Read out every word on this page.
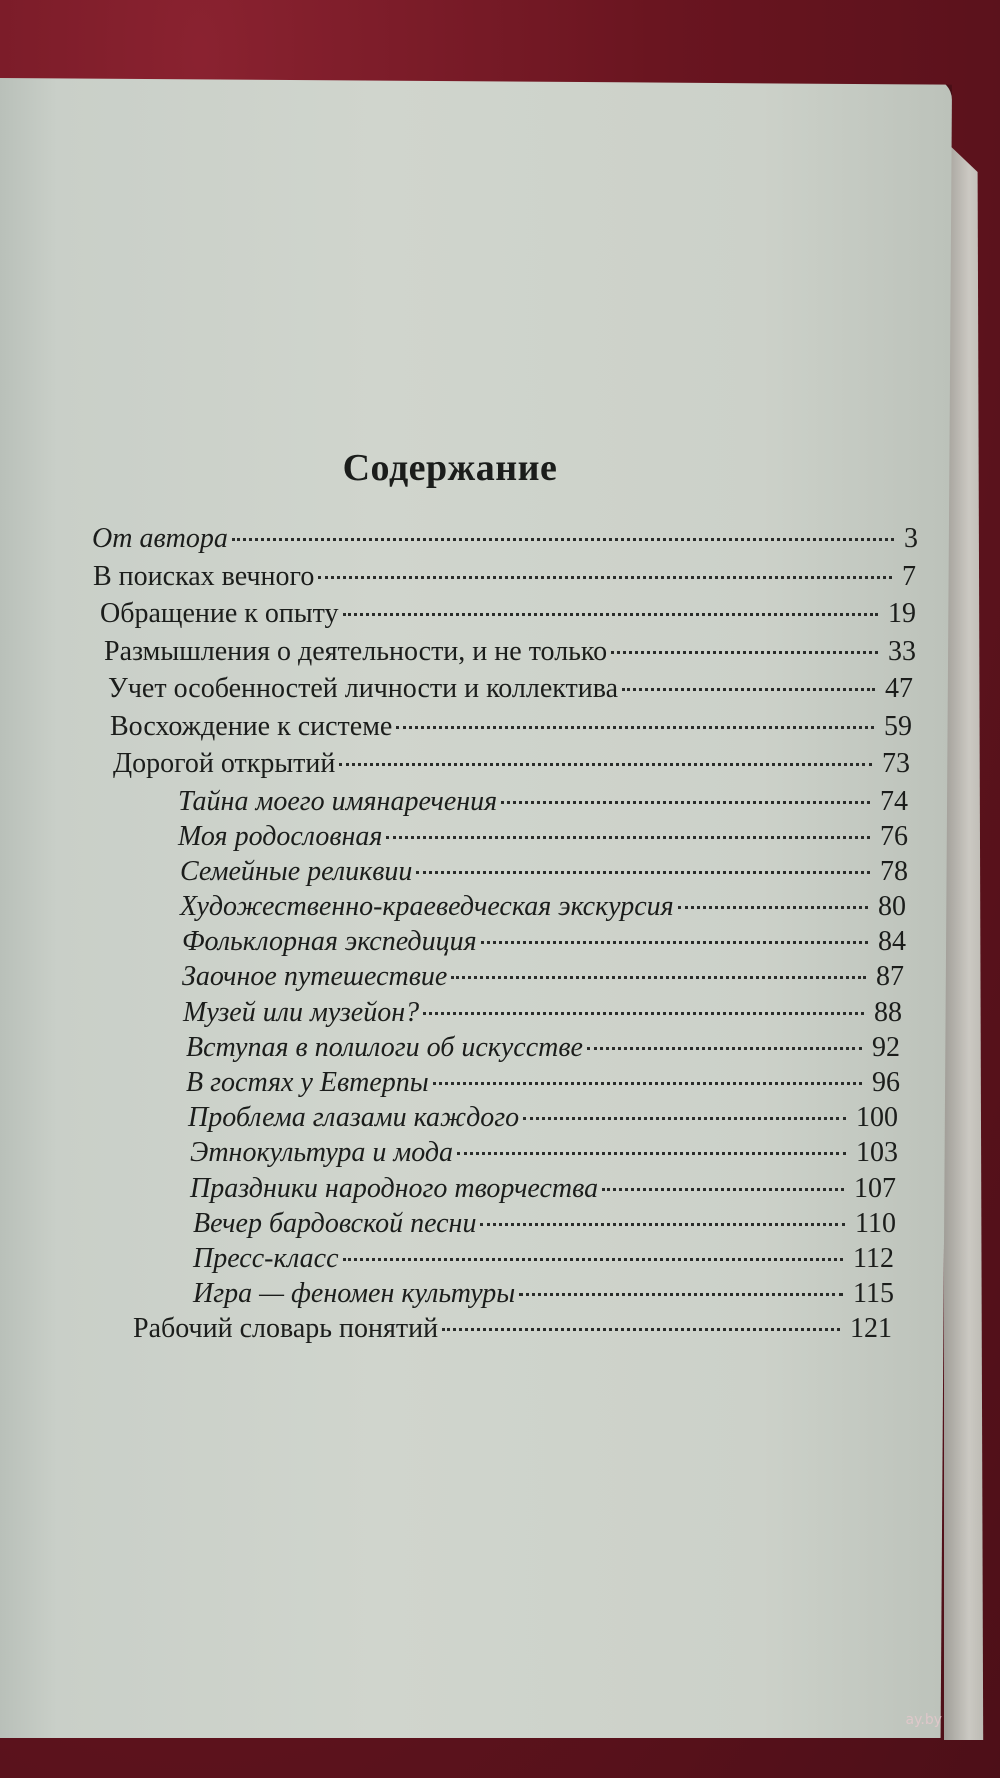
Содержание
От автора	3
В поисках вечного	7
Обращение к опыту	19
Размышления о деятельности, и не только	33
Учет особенностей личности и коллектива	47
Восхождение к системе	59
Дорогой открытий	73
Тайна моего имянаречения	74
Моя родословная	76
Семейные реликвии	78
Художественно-краеведческая экскурсия	80
Фольклорная экспедиция	84
Заочное путешествие	87
Музей или музейон?	88
Вступая в полилоги об искусстве	92
В гостях у Евтерпы	96
Проблема глазами каждого	100
Этнокультура и мода	103
Праздники народного творчества	107
Вечер бардовской песни	110
Пресс-класс	112
Игра — феномен культуры	115
Рабочий словарь понятий	121
ay.by
